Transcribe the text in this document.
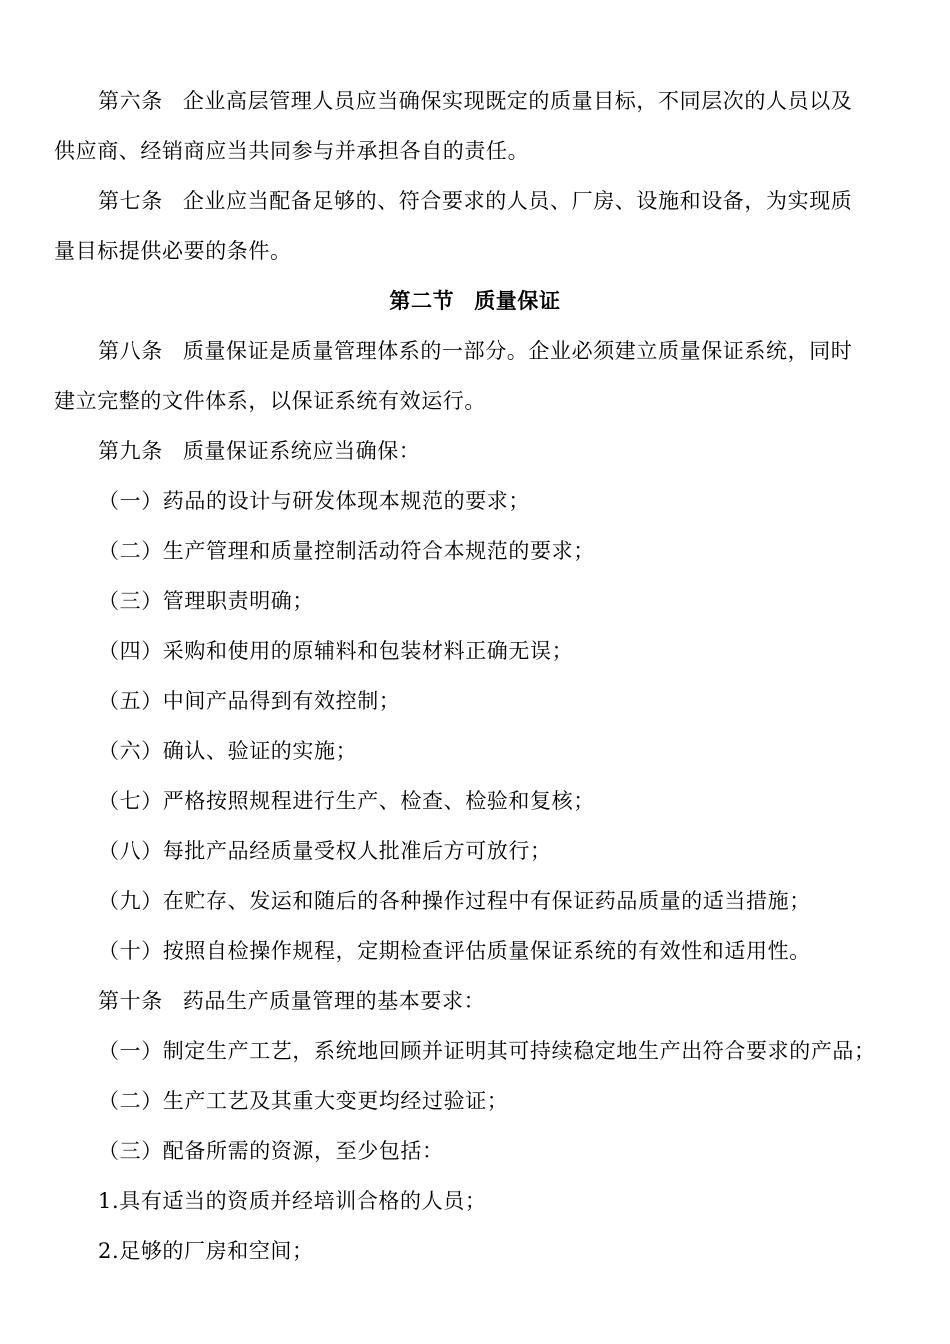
第六条 企业高层管理人员应当确保实现既定的质量目标，不同层次的人员以及
供应商、经销商应当共同参与并承担各自的责任。
第七条 企业应当配备足够的、符合要求的人员、厂房、设施和设备，为实现质
量目标提供必要的条件。
第二节 质量保证
第八条 质量保证是质量管理体系的一部分。企业必须建立质量保证系统，同时
建立完整的文件体系，以保证系统有效运行。
第九条 质量保证系统应当确保：
（一）药品的设计与研发体现本规范的要求；
（二）生产管理和质量控制活动符合本规范的要求；
（三）管理职责明确；
（四）采购和使用的原辅料和包装材料正确无误；
（五）中间产品得到有效控制；
（六）确认、验证的实施；
（七）严格按照规程进行生产、检查、检验和复核；
（八）每批产品经质量受权人批准后方可放行；
（九）在贮存、发运和随后的各种操作过程中有保证药品质量的适当措施；
（十）按照自检操作规程，定期检查评估质量保证系统的有效性和适用性。
第十条 药品生产质量管理的基本要求：
（一）制定生产工艺，系统地回顾并证明其可持续稳定地生产出符合要求的产品；
（二）生产工艺及其重大变更均经过验证；
（三）配备所需的资源，至少包括：
1.具有适当的资质并经培训合格的人员；
2.足够的厂房和空间；
